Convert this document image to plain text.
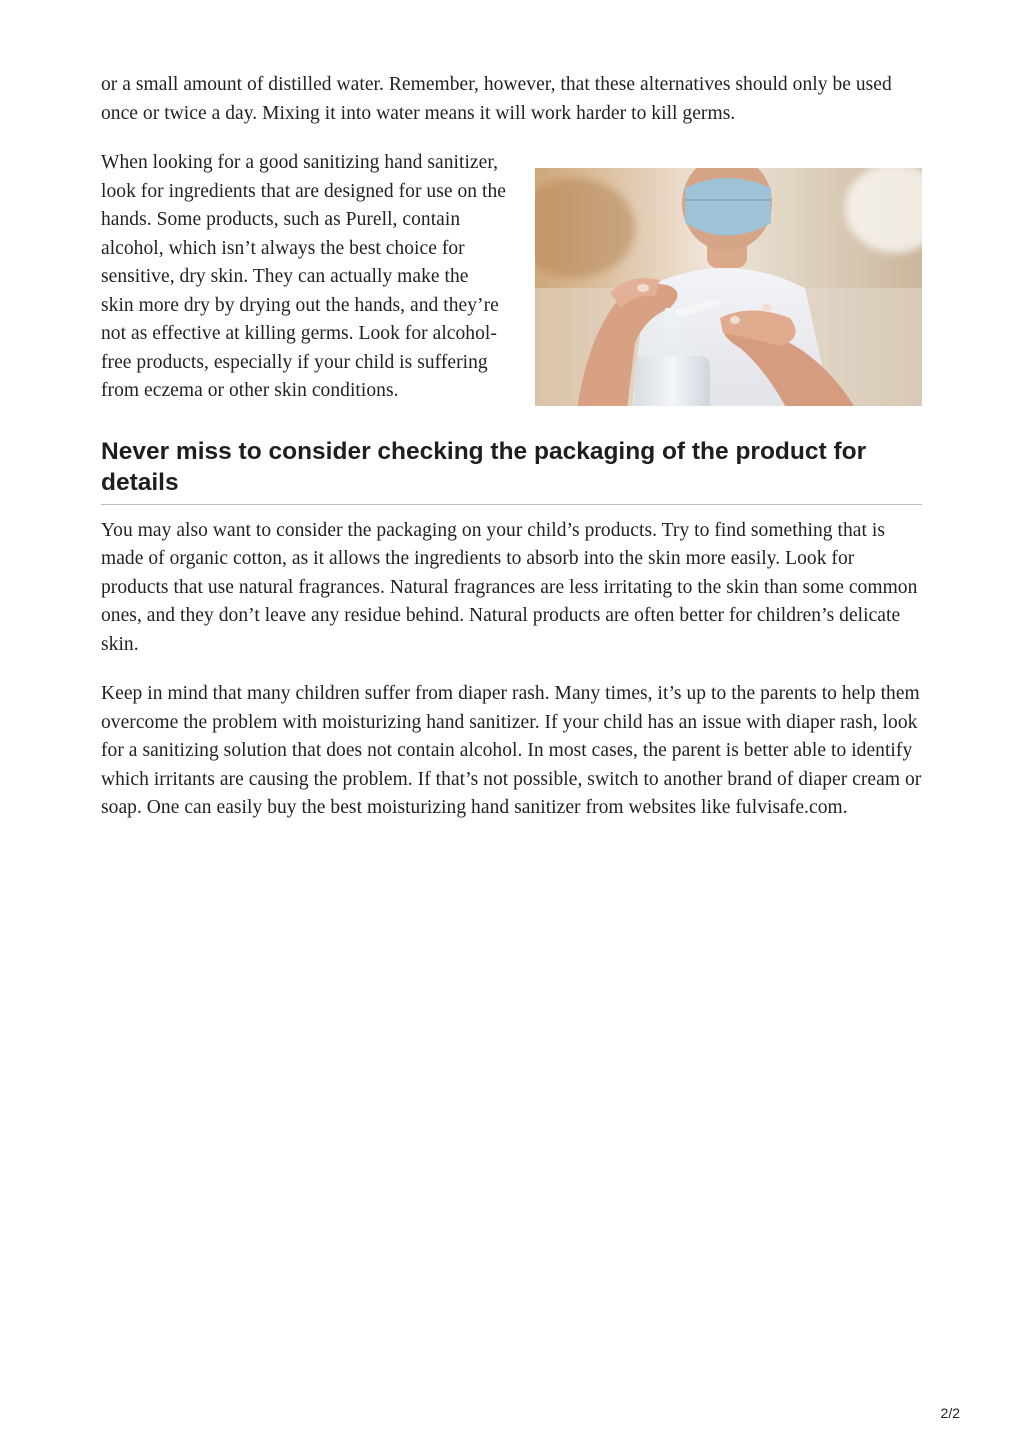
or a small amount of distilled water. Remember, however, that these alternatives should only be used once or twice a day. Mixing it into water means it will work harder to kill germs.

When looking for a good sanitizing hand sanitizer, look for ingredients that are designed for use on the hands. Some products, such as Purell, contain alcohol, which isn’t always the best choice for sensitive, dry skin. They can actually make the skin more dry by drying out the hands, and they’re not as effective at killing germs. Look for alcohol-free products, especially if your child is suffering from eczema or other skin conditions.

Never miss to consider checking the packaging of the product for details

You may also want to consider the packaging on your child’s products. Try to find something that is made of organic cotton, as it allows the ingredients to absorb into the skin more easily. Look for products that use natural fragrances. Natural fragrances are less irritating to the skin than some common ones, and they don’t leave any residue behind. Natural products are often better for children’s delicate skin.

Keep in mind that many children suffer from diaper rash. Many times, it’s up to the parents to help them overcome the problem with moisturizing hand sanitizer. If your child has an issue with diaper rash, look for a sanitizing solution that does not contain alcohol. In most cases, the parent is better able to identify which irritants are causing the problem. If that’s not possible, switch to another brand of diaper cream or soap. One can easily buy the best moisturizing hand sanitizer from websites like fulvisafe.com.

2/2
